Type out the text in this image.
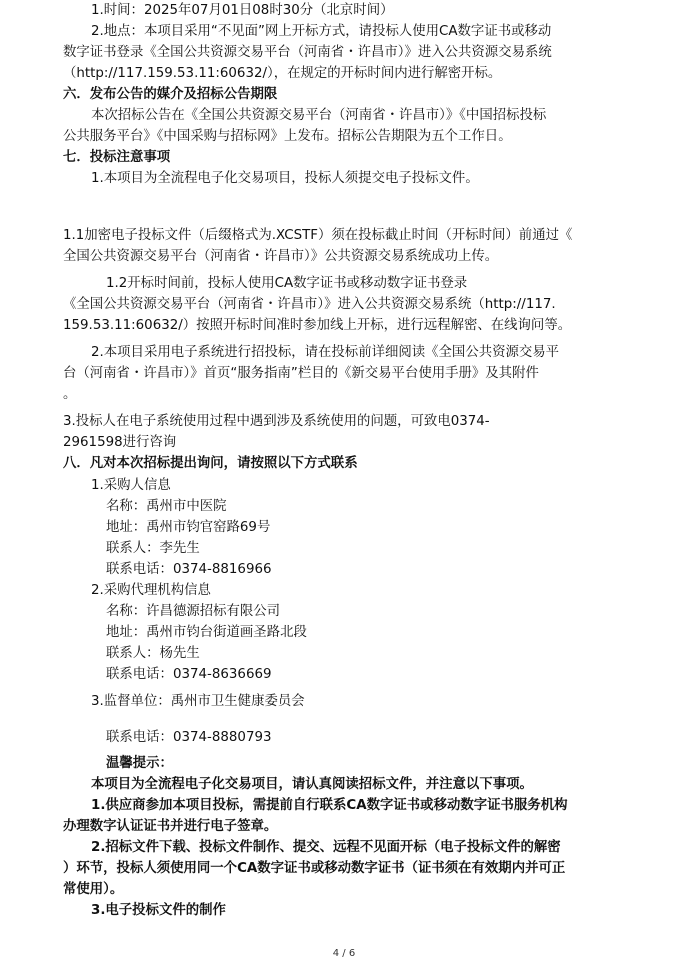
1.时间：2025年07月01日08时30分（北京时间）
2.地点：本项目采用“不见面”网上开标方式，请投标人使用CA数字证书或移动
数字证书登录《全国公共资源交易平台（河南省・许昌市）》进入公共资源交易系统
（http://117.159.53.11:60632/），在规定的开标时间内进行解密开标。
六．发布公告的媒介及招标公告期限
本次招标公告在《全国公共资源交易平台（河南省・许昌市）》《中国招标投标
公共服务平台》《中国采购与招标网》上发布。招标公告期限为五个工作日。
七．投标注意事项
1.本项目为全流程电子化交易项目，投标人须提交电子投标文件。
1.1加密电子投标文件（后缀格式为.XCSTF）须在投标截止时间（开标时间）前通过《
全国公共资源交易平台（河南省・许昌市）》公共资源交易系统成功上传。
1.2开标时间前，投标人使用CA数字证书或移动数字证书登录
《全国公共资源交易平台（河南省・许昌市）》进入公共资源交易系统（http://117.
159.53.11:60632/）按照开标时间准时参加线上开标，进行远程解密、在线询问等。
2.本项目采用电子系统进行招投标，请在投标前详细阅读《全国公共资源交易平
台（河南省・许昌市）》首页“服务指南”栏目的《新交易平台使用手册》及其附件
。
3.投标人在电子系统使用过程中遇到涉及系统使用的问题，可致电0374-
2961598进行咨询
八．凡对本次招标提出询问，请按照以下方式联系
1.采购人信息
名称：禹州市中医院
地址：禹州市钧官窑路69号
联系人：李先生
联系电话：0374-8816966
2.采购代理机构信息
名称：许昌德源招标有限公司
地址：禹州市钧台街道画圣路北段
联系人：杨先生
联系电话：0374-8636669
3.监督单位：禹州市卫生健康委员会
联系电话：0374-8880793
温馨提示：
本项目为全流程电子化交易项目，请认真阅读招标文件，并注意以下事项。
1.供应商参加本项目投标，需提前自行联系CA数字证书或移动数字证书服务机构
办理数字认证证书并进行电子签章。
2.招标文件下载、投标文件制作、提交、远程不见面开标（电子投标文件的解密
）环节，投标人须使用同一个CA数字证书或移动数字证书（证书须在有效期内并可正
常使用）。
3.电子投标文件的制作
4 / 6
